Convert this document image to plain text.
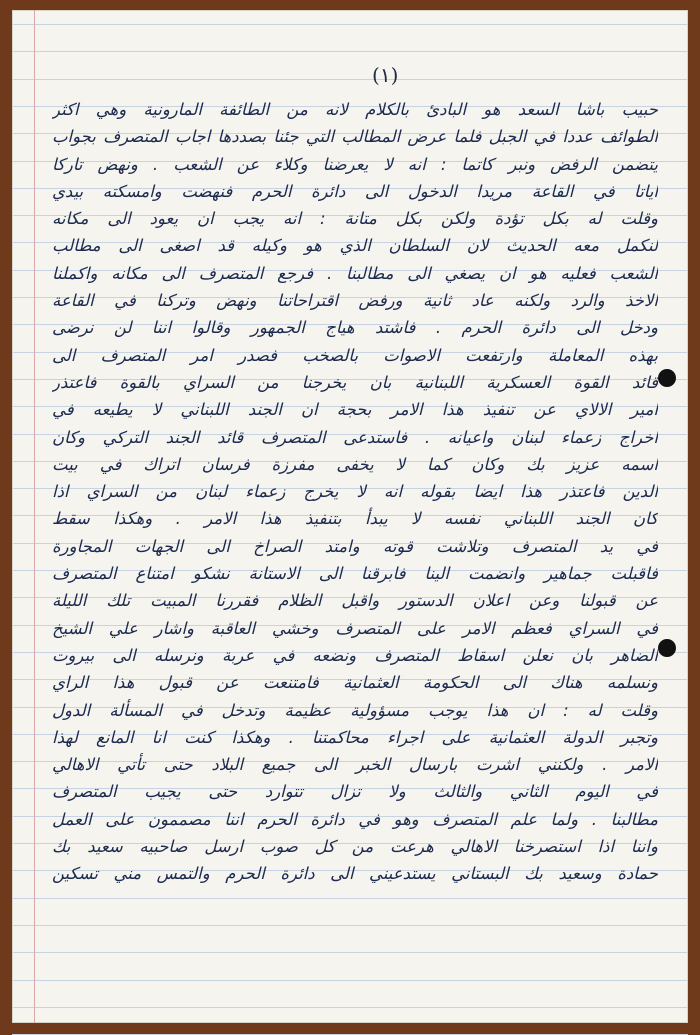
(١)
حبيب باشا السعد هو البادئ بالكلام لانه من الطائفة المارونية وهي اكثر
الطوائف عددا في الجبل فلما عرض المطالب التي جئنا بصددها اجاب المتصرف بجواب
يتضمن الرفض ونبر كاتما : انه لا يعرضنا وكلاء عن الشعب . ونهض تاركا
اياتا في القاعة مريدا الدخول الى دائرة الحرم فنهضت وامسكته بيدي
وقلت له بكل تؤدة ولكن بكل متانة : انه يجب ان يعود الى مكانه
لنكمل معه الحديث لان السلطان الذي هو وكيله قد اصغى الى مطالب
الشعب فعليه هو ان يصغي الى مطالبنا . فرجع المتصرف الى مكانه واكملنا
الاخذ والرد ولكنه عاد ثانية ورفض اقتراحاتنا ونهض وتركنا في القاعة
ودخل الى دائرة الحرم . فاشتد هياج الجمهور وقالوا اننا لن نرضى
بهذه المعاملة وارتفعت الاصوات بالصخب فصدر امر المتصرف الى
قائد القوة العسكرية اللبنانية بان يخرجنا من السراي بالقوة فاعتذر
امير الالاي عن تنفيذ هذا الامر بحجة ان الجند اللبناني لا يطيعه في
اخراج زعماء لبنان واعيانه . فاستدعى المتصرف قائد الجند التركي وكان
اسمه عزيز بك وكان كما لا يخفى مفرزة فرسان اتراك في بيت
الدين فاعتذر هذا ايضا بقوله انه لا يخرج زعماء لبنان من السراي اذا
كان الجند اللبناني نفسه لا يبدأ بتنفيذ هذا الامر . وهكذا سقط
في يد المتصرف وتلاشت قوته وامتد الصراخ الى الجهات المجاورة
فاقبلت جماهير وانضمت الينا فابرقنا الى الاستانة نشكو امتناع المتصرف
عن قبولنا وعن اعلان الدستور واقبل الظلام فقررنا المبيت تلك الليلة
في السراي فعظم الامر على المتصرف وخشي العاقبة واشار علي الشيخ
الضاهر بان نعلن اسقاط المتصرف ونضعه في عربة ونرسله الى بيروت
ونسلمه هناك الى الحكومة العثمانية فامتنعت عن قبول هذا الراي
وقلت له : ان هذا يوجب مسؤولية عظيمة وتدخل في المسألة الدول
وتجبر الدولة العثمانية على اجراء محاكمتنا . وهكذا كنت انا المانع لهذا
الامر . ولكنني اشرت بارسال الخبر الى جميع البلاد حتى تأتي الاهالي
في اليوم الثاني والثالث ولا تزال تتوارد حتى يجيب المتصرف
مطالبنا . ولما علم المتصرف وهو في دائرة الحرم اننا مصممون على العمل
واننا اذا استصرخنا الاهالي هرعت من كل صوب ارسل صاحبيه سعيد بك
حمادة وسعيد بك البستاني يستدعيني الى دائرة الحرم والتمس مني تسكين
